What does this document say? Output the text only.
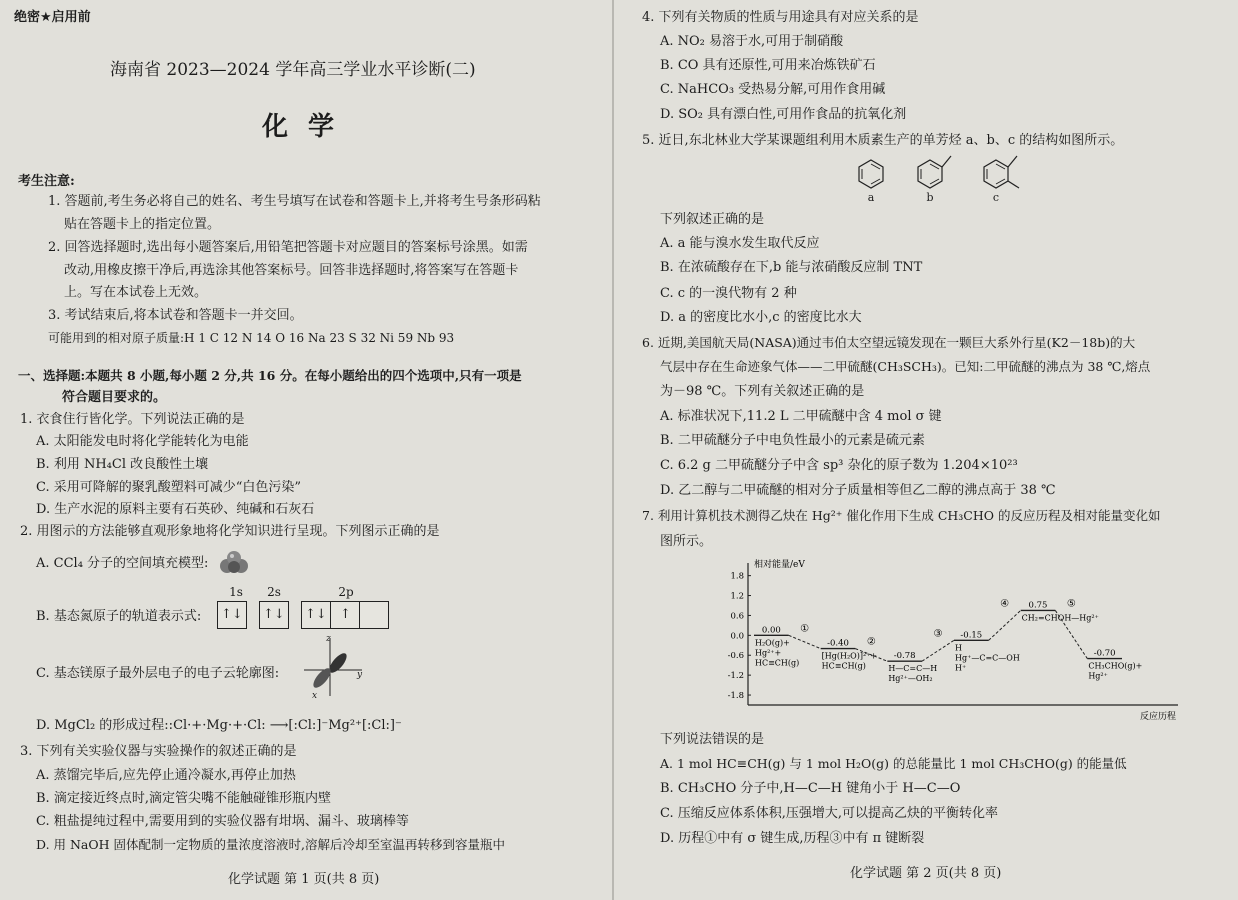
绝密★启用前
海南省 2023—2024 学年高三学业水平诊断(二)
化学
考生注意:
1. 答题前,考生务必将自己的姓名、考生号填写在试卷和答题卡上,并将考生号条形码粘
贴在答题卡上的指定位置。
2. 回答选择题时,选出每小题答案后,用铅笔把答题卡对应题目的答案标号涂黑。如需
改动,用橡皮擦干净后,再选涂其他答案标号。回答非选择题时,将答案写在答题卡
上。写在本试卷上无效。
3. 考试结束后,将本试卷和答题卡一并交回。
可能用到的相对原子质量:H 1 C 12 N 14 O 16 Na 23 S 32 Ni 59 Nb 93
一、选择题:本题共 8 小题,每小题 2 分,共 16 分。在每小题给出的四个选项中,只有一项是
符合题目要求的。
1. 衣食住行皆化学。下列说法正确的是
A. 太阳能发电时将化学能转化为电能
B. 利用 NH₄Cl 改良酸性土壤
C. 采用可降解的聚乳酸塑料可减少“白色污染”
D. 生产水泥的原料主要有石英砂、纯碱和石灰石
2. 用图示的方法能够直观形象地将化学知识进行呈现。下列图示正确的是
A. CCl₄ 分子的空间填充模型:
1s 2s	2p
B. 基态氮原子的轨道表示式: ↑↓ ↑↓ ↑↓ ↑
C. 基态镁原子最外层电子的电子云轮廓图:
z
y
x
D. MgCl₂ 的形成过程::Cl·+·Mg·+·Cl: ⟶[:Cl:]⁻Mg²⁺[:Cl:]⁻
3. 下列有关实验仪器与实验操作的叙述正确的是
A. 蒸馏完毕后,应先停止通冷凝水,再停止加热
B. 滴定接近终点时,滴定管尖嘴不能触碰锥形瓶内壁
C. 粗盐提纯过程中,需要用到的实验仪器有坩埚、漏斗、玻璃棒等
D. 用 NaOH 固体配制一定物质的量浓度溶液时,溶解后冷却至室温再转移到容量瓶中
化学试题 第 1 页(共 8 页)
4. 下列有关物质的性质与用途具有对应关系的是
A. NO₂ 易溶于水,可用于制硝酸
B. CO 具有还原性,可用来冶炼铁矿石
C. NaHCO₃ 受热易分解,可用作食用碱
D. SO₂ 具有漂白性,可用作食品的抗氧化剂
5. 近日,东北林业大学某课题组利用木质素生产的单芳烃 a、b、c 的结构如图所示。
a	b	c
下列叙述正确的是
A. a 能与溴水发生取代反应
B. 在浓硫酸存在下,b 能与浓硝酸反应制 TNT
C. c 的一溴代物有 2 种
D. a 的密度比水小,c 的密度比水大
6. 近期,美国航天局(NASA)通过韦伯太空望远镜发现在一颗巨大系外行星(K2－18b)的大
气层中存在生命迹象气体——二甲硫醚(CH₃SCH₃)。已知:二甲硫醚的沸点为 38 ℃,熔点
为－98 ℃。下列有关叙述正确的是
A. 标准状况下,11.2 L 二甲硫醚中含 4 mol σ 键
B. 二甲硫醚分子中电负性最小的元素是硫元素
C. 6.2 g 二甲硫醚分子中含 sp³ 杂化的原子数为 1.204×10²³
D. 乙二醇与二甲硫醚的相对分子质量相等但乙二醇的沸点高于 38 ℃
7. 利用计算机技术测得乙炔在 Hg²⁺ 催化作用下生成 CH₃CHO 的反应历程及相对能量变化如
图所示。
相对能量/eV
反应历程
1.8
1.2
0.6
0.0
-0.6
-1.2
-1.8
0.00
H₂O(g)+
Hg²⁺+
HC≡CH(g)
-0.40
[Hg(H₂O)]²⁺+
HC≡CH(g)
-0.78
H—C=C—H
Hg²⁺—OH₂
-0.15
H
Hg⁺—C=C—OH
H⁺
0.75
CH₂=CHOH—Hg²⁺
-0.70
CH₃CHO(g)+
Hg²⁺
①
②
③
④	⑤
下列说法错误的是
A. 1 mol HC≡CH(g) 与 1 mol H₂O(g) 的总能量比 1 mol CH₃CHO(g) 的能量低
B. CH₃CHO 分子中,H—C—H 键角小于 H—C—O
C. 压缩反应体系体积,压强增大,可以提高乙炔的平衡转化率
D. 历程①中有 σ 键生成,历程③中有 π 键断裂
化学试题 第 2 页(共 8 页)
